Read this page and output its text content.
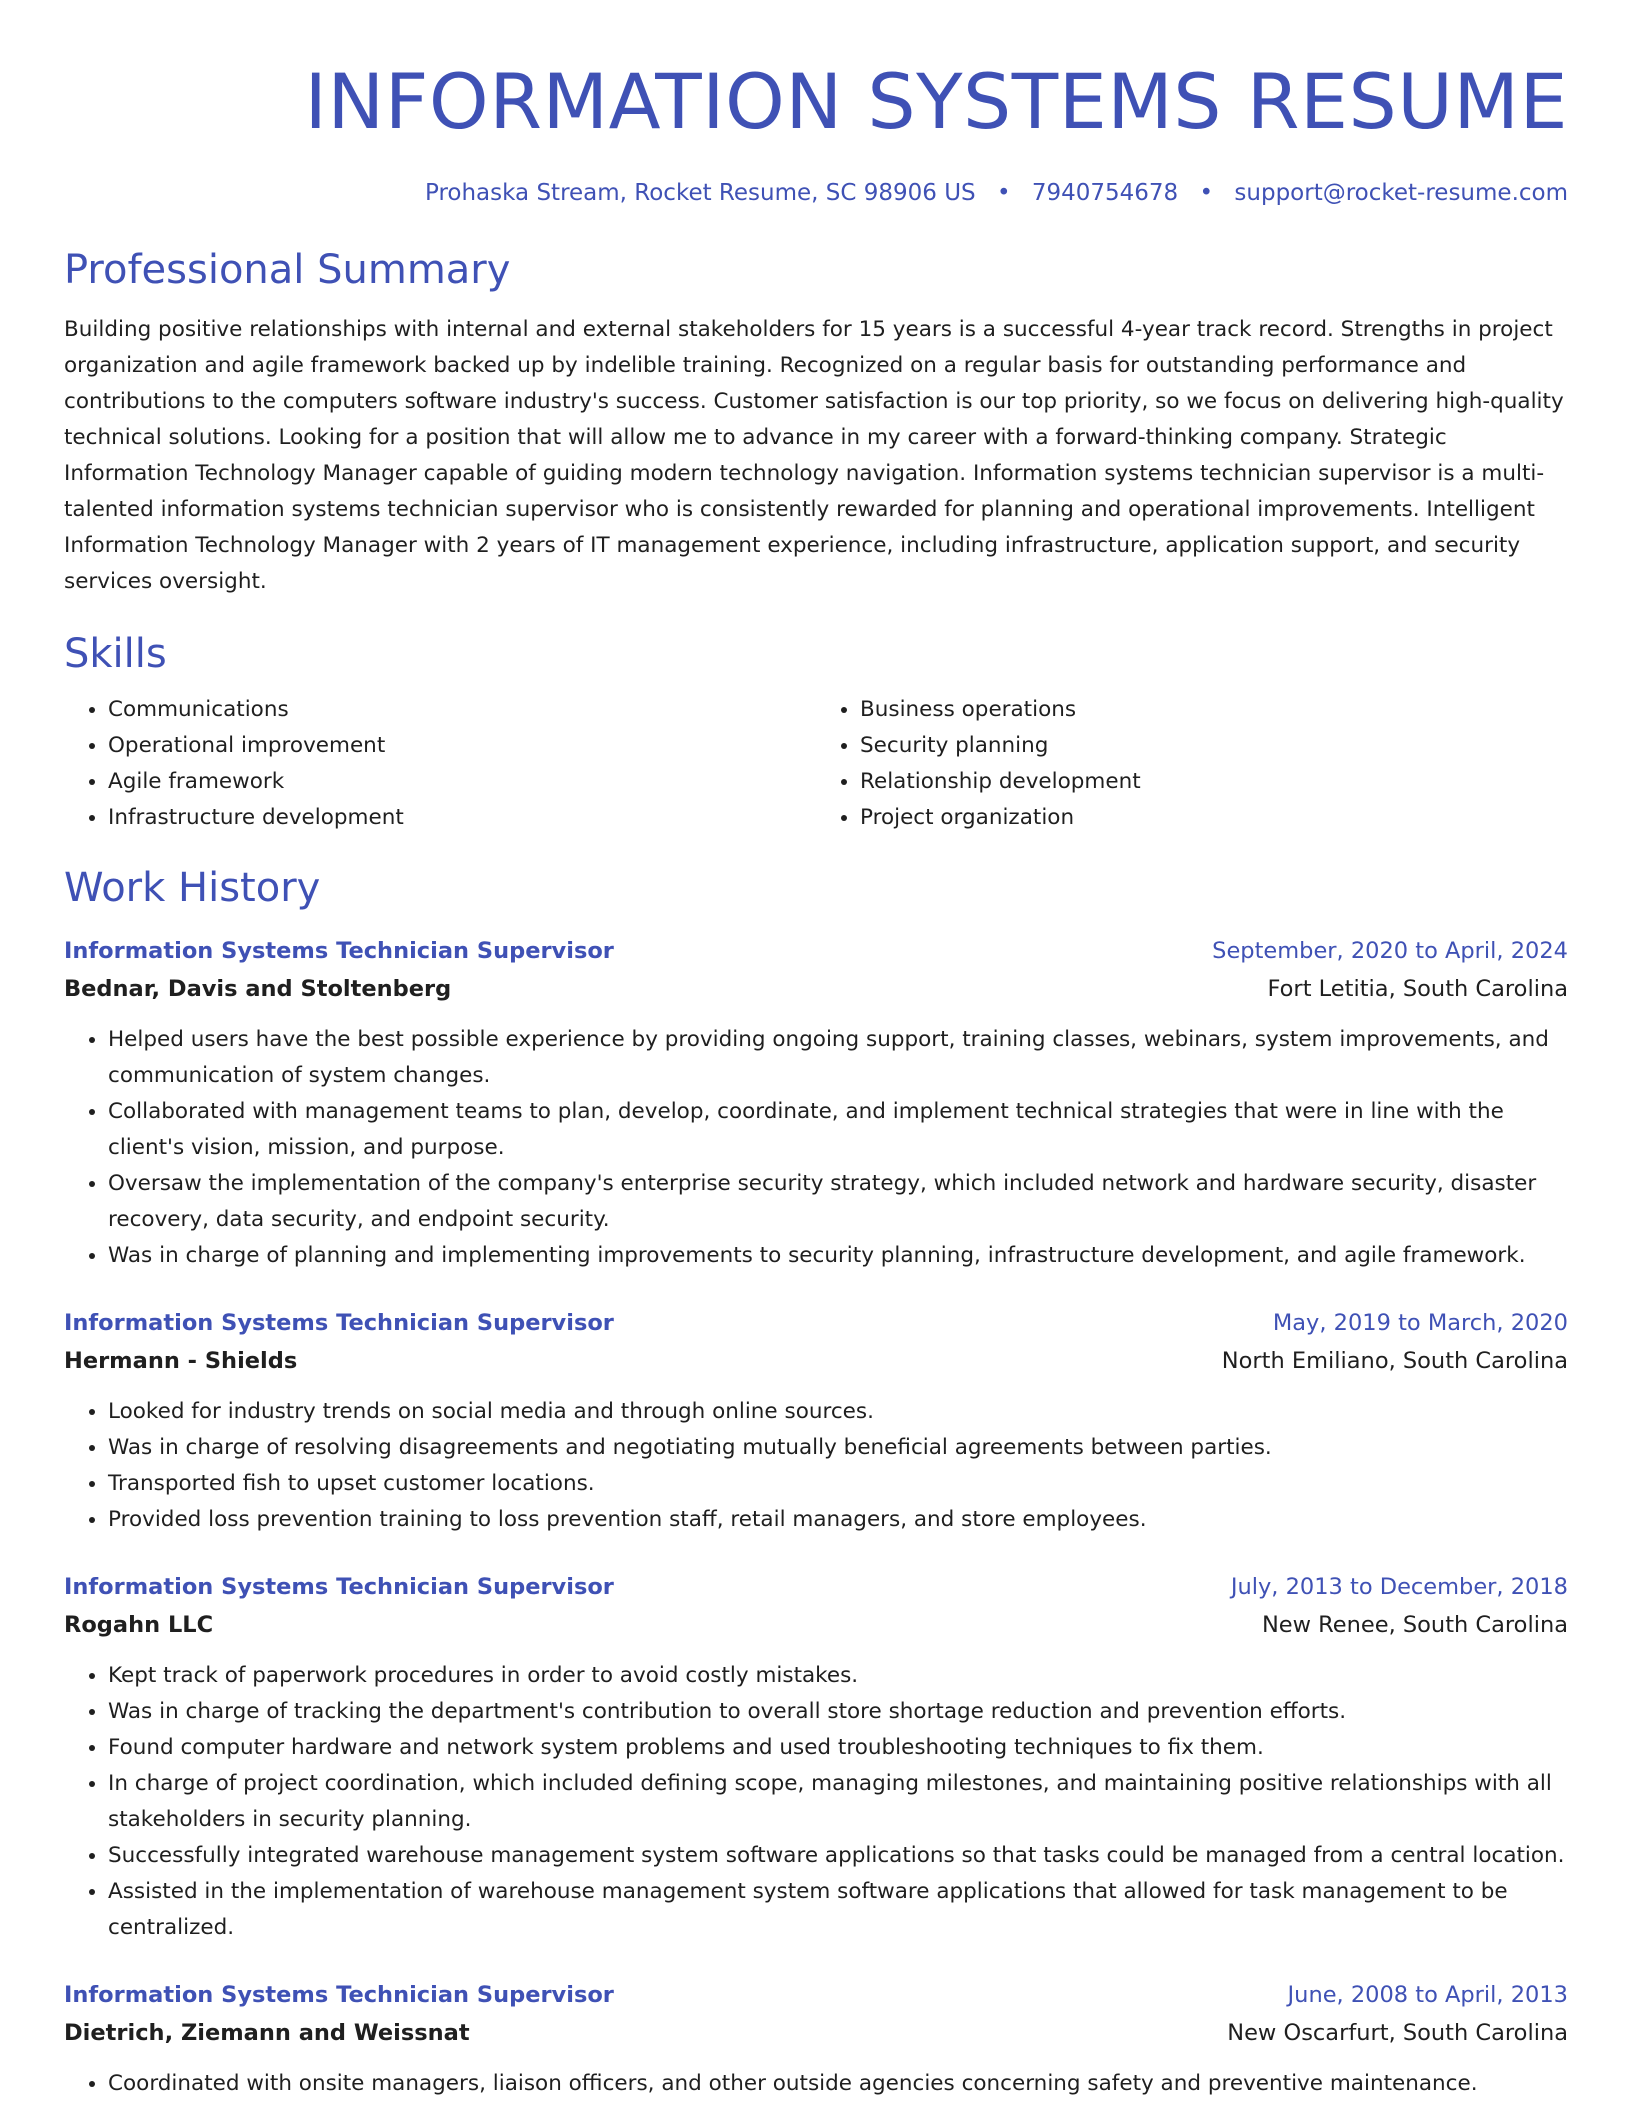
INFORMATION SYSTEMS RESUME
Prohaska Stream, Rocket Resume, SC 98906 US • 7940754678 • support@rocket-resume.com
Professional Summary

Building positive relationships with internal and external stakeholders for 15 years is a successful 4-year track record. Strengths in project organization and agile framework backed up by indelible training. Recognized on a regular basis for outstanding performance and contributions to the computers software industry's success. Customer satisfaction is our top priority, so we focus on delivering high-quality technical solutions. Looking for a position that will allow me to advance in my career with a forward-thinking company. Strategic Information Technology Manager capable of guiding modern technology navigation. Information systems technician supervisor is a multi-talented information systems technician supervisor who is consistently rewarded for planning and operational improvements. Intelligent Information Technology Manager with 2 years of IT management experience, including infrastructure, application support, and security services oversight.

Skills
• Communications
• Operational improvement
• Agile framework
• Infrastructure development
• Business operations
• Security planning
• Relationship development
• Project organization
Work History
Information Systems Technician Supervisor	September, 2020 to April, 2024
Bednar, Davis and Stoltenberg	Fort Letitia, South Carolina
• Helped users have the best possible experience by providing ongoing support, training classes, webinars, system improvements, and communication of system changes.
• Collaborated with management teams to plan, develop, coordinate, and implement technical strategies that were in line with the client's vision, mission, and purpose.
• Oversaw the implementation of the company's enterprise security strategy, which included network and hardware security, disaster recovery, data security, and endpoint security.
• Was in charge of planning and implementing improvements to security planning, infrastructure development, and agile framework.
Information Systems Technician Supervisor	May, 2019 to March, 2020
Hermann - Shields	North Emiliano, South Carolina
• Looked for industry trends on social media and through online sources.
• Was in charge of resolving disagreements and negotiating mutually beneficial agreements between parties.
• Transported fish to upset customer locations.
• Provided loss prevention training to loss prevention staff, retail managers, and store employees.
Information Systems Technician Supervisor	July, 2013 to December, 2018
Rogahn LLC	New Renee, South Carolina
• Kept track of paperwork procedures in order to avoid costly mistakes.
• Was in charge of tracking the department's contribution to overall store shortage reduction and prevention efforts.
• Found computer hardware and network system problems and used troubleshooting techniques to fix them.
• In charge of project coordination, which included defining scope, managing milestones, and maintaining positive relationships with all stakeholders in security planning.
• Successfully integrated warehouse management system software applications so that tasks could be managed from a central location.
• Assisted in the implementation of warehouse management system software applications that allowed for task management to be centralized.
Information Systems Technician Supervisor	June, 2008 to April, 2013
Dietrich, Ziemann and Weissnat	New Oscarfurt, South Carolina
• Coordinated with onsite managers, liaison officers, and other outside agencies concerning safety and preventive maintenance.
